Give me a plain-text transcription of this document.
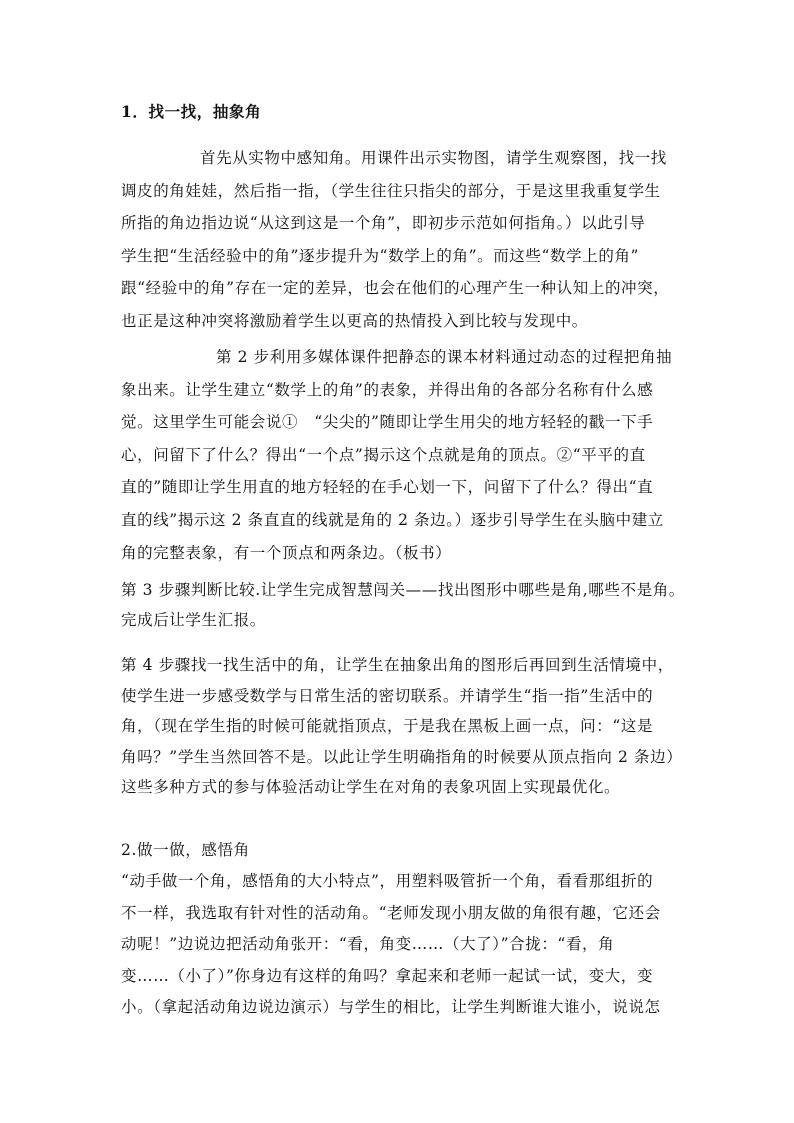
1．找一找，抽象角

首先从实物中感知角。用课件出示实物图，请学生观察图，找一找
调皮的角娃娃，然后指一指，（学生往往只指尖的部分，于是这里我重复学生
所指的角边指边说“从这到这是一个角”，即初步示范如何指角。）以此引导
学生把“生活经验中的角”逐步提升为“数学上的角”。而这些“数学上的角”
跟“经验中的角”存在一定的差异，也会在他们的心理产生一种认知上的冲突，
也正是这种冲突将激励着学生以更高的热情投入到比较与发现中。
第 2 步利用多媒体课件把静态的课本材料通过动态的过程把角抽
象出来。让学生建立“数学上的角”的表象，并得出角的各部分名称有什么感
觉。这里学生可能会说①　“尖尖的”随即让学生用尖的地方轻轻的戳一下手
心，问留下了什么？得出“一个点”揭示这个点就是角的顶点。②“平平的直
直的”随即让学生用直的地方轻轻的在手心划一下，问留下了什么？得出“直
直的线”揭示这 2 条直直的线就是角的 2 条边。）逐步引导学生在头脑中建立
角的完整表象，有一个顶点和两条边。（板书）
第 3 步骤判断比较.让学生完成智慧闯关——找出图形中哪些是角,哪些不是角。
完成后让学生汇报。
第 4 步骤找一找生活中的角，让学生在抽象出角的图形后再回到生活情境中，
使学生进一步感受数学与日常生活的密切联系。并请学生“指一指”生活中的
角，（现在学生指的时候可能就指顶点，于是我在黑板上画一点，问：“这是
角吗？”学生当然回答不是。以此让学生明确指角的时候要从顶点指向 2 条边）
这些多种方式的参与体验活动让学生在对角的表象巩固上实现最优化。

2.做一做，感悟角

“动手做一个角，感悟角的大小特点”，用塑料吸管折一个角，看看那组折的
不一样，我选取有针对性的活动角。“老师发现小朋友做的角很有趣，它还会
动呢！”边说边把活动角张开：“看，角变……（大了）”合拢：“看，角
变……（小了）”你身边有这样的角吗？拿起来和老师一起试一试，变大，变
小。（拿起活动角边说边演示）与学生的相比，让学生判断谁大谁小，说说怎
